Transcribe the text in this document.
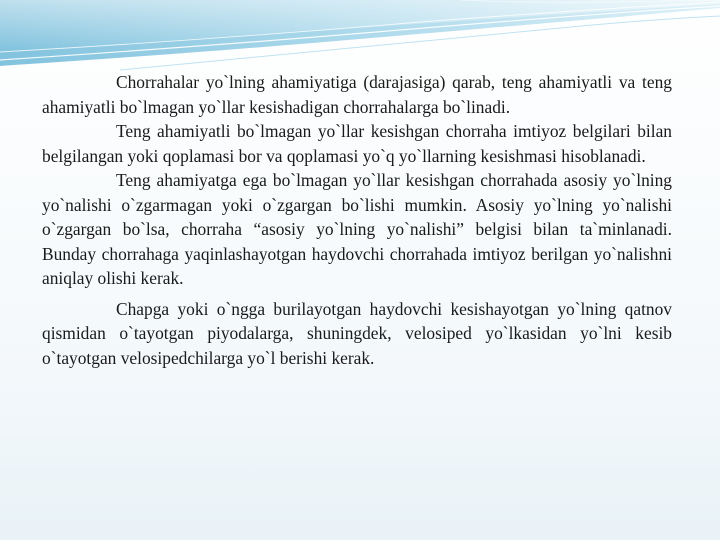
Chorrahalar yo`lning ahamiyatiga (darajasiga) qarab, teng ahamiyatli va teng ahamiyatli bo`lmagan yo`llar kesishadigan chorrahalarga bo`linadi.

Teng ahamiyatli bo`lmagan yo`llar kesishgan chorraha imtiyoz belgilari bilan belgilangan yoki qoplamasi bor va qoplamasi yo`q yo`llarning kesishmasi hisoblanadi.

Teng ahamiyatga ega bo`lmagan yo`llar kesishgan chorrahada asosiy yo`lning yo`nalishi o`zgarmagan yoki o`zgargan bo`lishi mumkin. Asosiy yo`lning yo`nalishi o`zgargan bo`lsa, chorraha “asosiy yo`lning yo`nalishi” belgisi bilan ta`minlanadi. Bunday chorrahaga yaqinlashayotgan haydovchi chorrahada imtiyoz berilgan yo`nalishni aniqlay olishi kerak.

Chapga yoki o`ngga burilayotgan haydovchi kesishayotgan yo`lning qatnov qismidan o`tayotgan piyodalarga, shuningdek, velosiped yo`lkasidan yo`lni kesib o`tayotgan velosipedchilarga yo`l berishi kerak.
